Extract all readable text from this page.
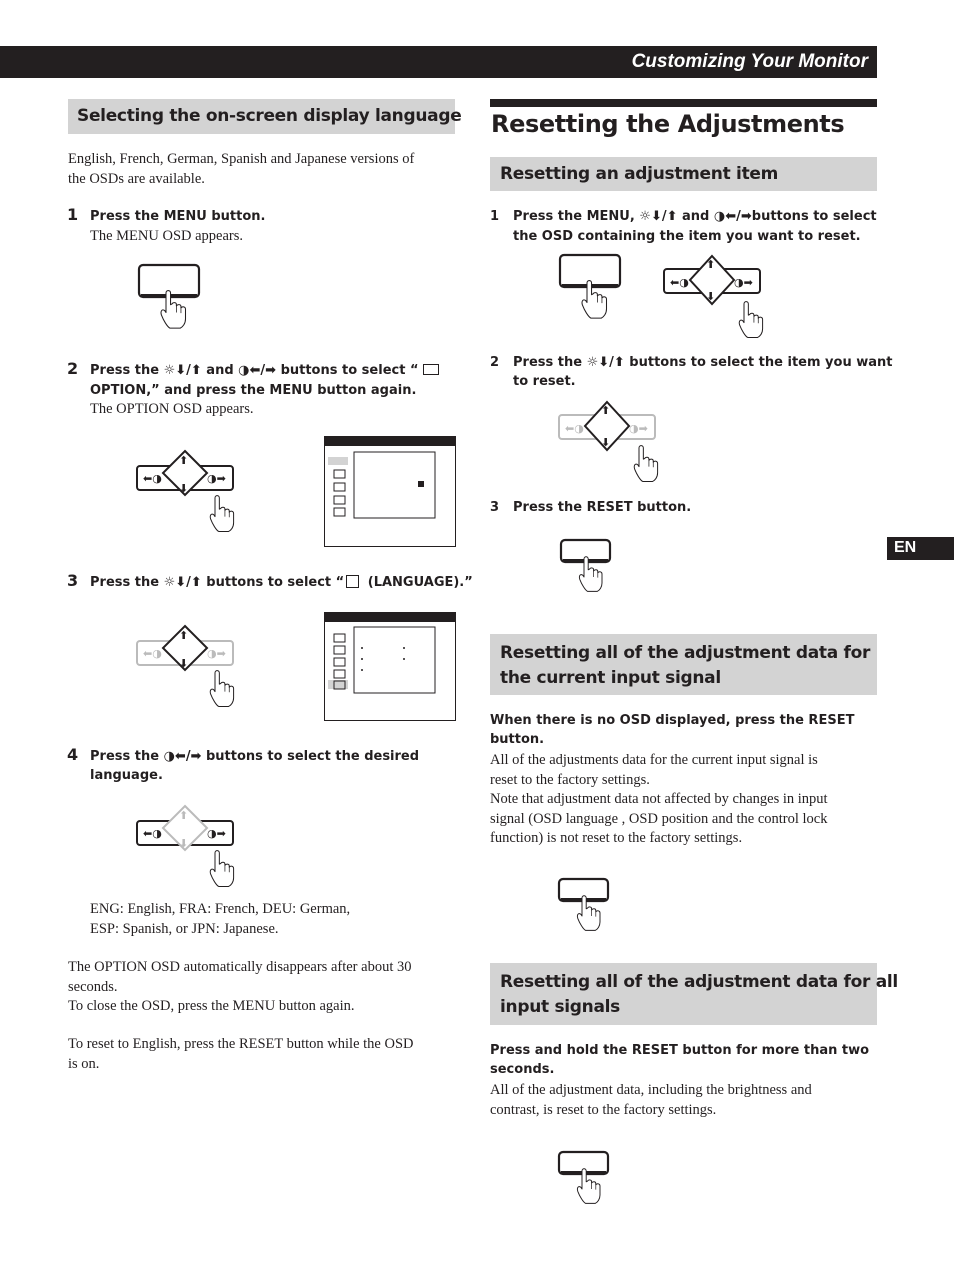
Customizing Your Monitor
EN
Selecting the on-screen display language
English, French, German, Spanish and Japanese versions of
the OSDs are available.
1 Press the MENU button.
The MENU OSD appears.
2 Press the ☼⬇/⬆ and ◑⬅/➡ buttons to select “
OPTION,” and press the MENU button again.
The OPTION OSD appears.
⬅◑	◑➡
⬆
⬇
3 Press the ☼⬇/⬆ buttons to select “ (LANGUAGE).”
⬅◑	◑➡
⬆
⬇
4 Press the ◑⬅/➡ buttons to select the desired
language.
⬅◑	◑➡
⬆
⬇
ENG: English, FRA: French, DEU: German,
ESP: Spanish, or JPN: Japanese.
The OPTION OSD automatically disappears after about 30
seconds.
To close the OSD, press the MENU button again.
To reset to English, press the RESET button while the OSD
is on.
Resetting the Adjustments
Resetting an adjustment item
1 Press the MENU, ☼⬇/⬆ and ◑⬅/➡buttons to select
the OSD containing the item you want to reset.
⬅◑	◑➡
⬆
⬇
2 Press the ☼⬇/⬆ buttons to select the item you want
to reset.
⬅◑	◑➡
⬆
⬇
3 Press the RESET button.
Resetting all of the adjustment data for
the current input signal
When there is no OSD displayed, press the RESET
button.
All of the adjustments data for the current input signal is
reset to the factory settings.
Note that adjustment data not affected by changes in input
signal (OSD language , OSD position and the control lock
function) is not reset to the factory settings.
Resetting all of the adjustment data for all
input signals
Press and hold the RESET button for more than two
seconds.
All of the adjustment data, including the brightness and
contrast, is reset to the factory settings.
